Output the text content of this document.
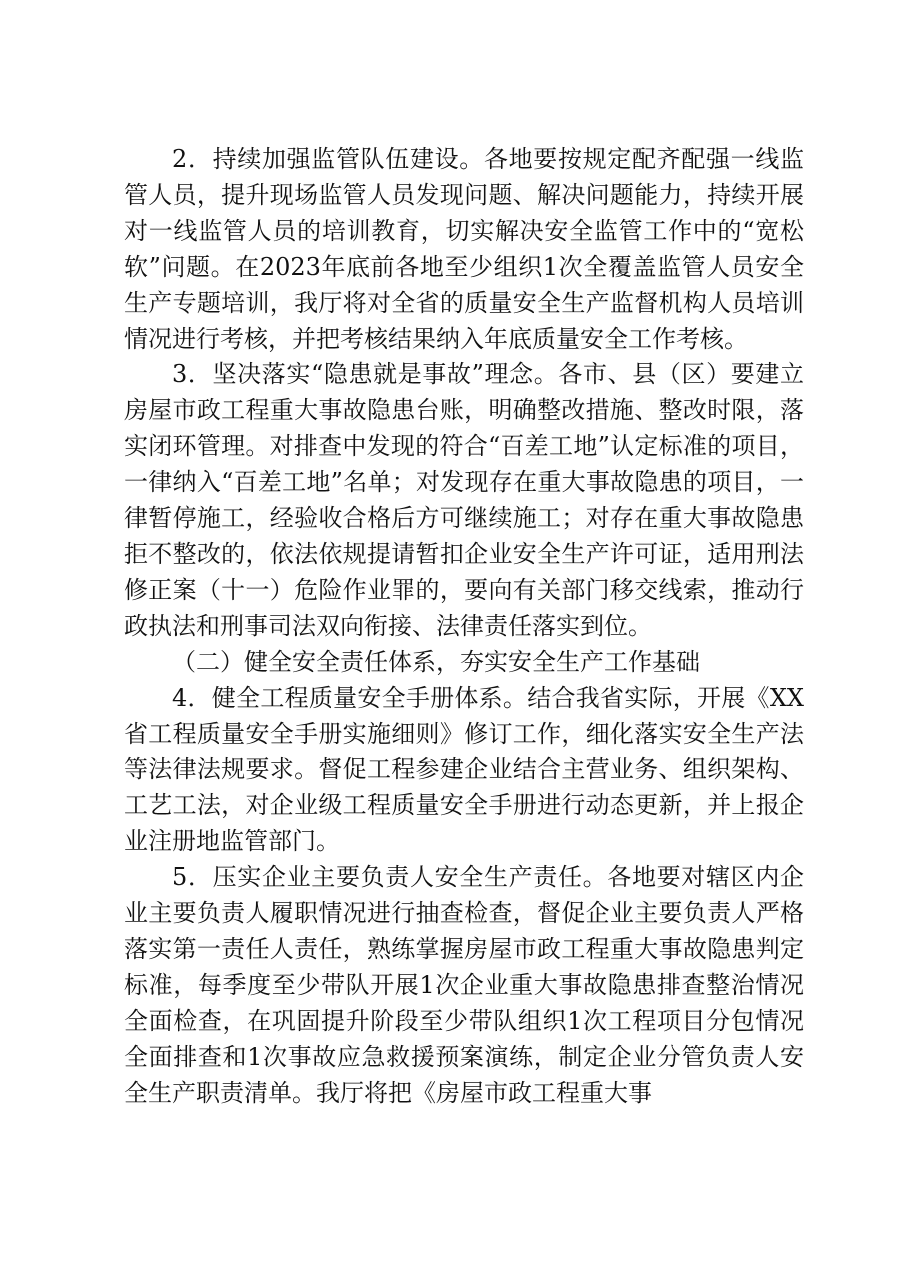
2．持续加强监管队伍建设。各地要按规定配齐配强一线监管人员，提升现场监管人员发现问题、解决问题能力，持续开展对一线监管人员的培训教育，切实解决安全监管工作中的“宽松软”问题。在2023年底前各地至少组织1次全覆盖监管人员安全生产专题培训，我厅将对全省的质量安全生产监督机构人员培训情况进行考核，并把考核结果纳入年底质量安全工作考核。

3．坚决落实“隐患就是事故”理念。各市、县（区）要建立房屋市政工程重大事故隐患台账，明确整改措施、整改时限，落实闭环管理。对排查中发现的符合“百差工地”认定标准的项目，一律纳入“百差工地”名单；对发现存在重大事故隐患的项目，一律暂停施工，经验收合格后方可继续施工；对存在重大事故隐患拒不整改的，依法依规提请暂扣企业安全生产许可证，适用刑法修正案（十一）危险作业罪的，要向有关部门移交线索，推动行政执法和刑事司法双向衔接、法律责任落实到位。

（二）健全安全责任体系，夯实安全生产工作基础

4．健全工程质量安全手册体系。结合我省实际，开展《XX省工程质量安全手册实施细则》修订工作，细化落实安全生产法等法律法规要求。督促工程参建企业结合主营业务、组织架构、工艺工法，对企业级工程质量安全手册进行动态更新，并上报企业注册地监管部门。

5．压实企业主要负责人安全生产责任。各地要对辖区内企业主要负责人履职情况进行抽查检查，督促企业主要负责人严格落实第一责任人责任，熟练掌握房屋市政工程重大事故隐患判定标准，每季度至少带队开展1次企业重大事故隐患排查整治情况全面检查，在巩固提升阶段至少带队组织1次工程项目分包情况全面排查和1次事故应急救援预案演练，制定企业分管负责人安全生产职责清单。我厅将把《房屋市政工程重大事
